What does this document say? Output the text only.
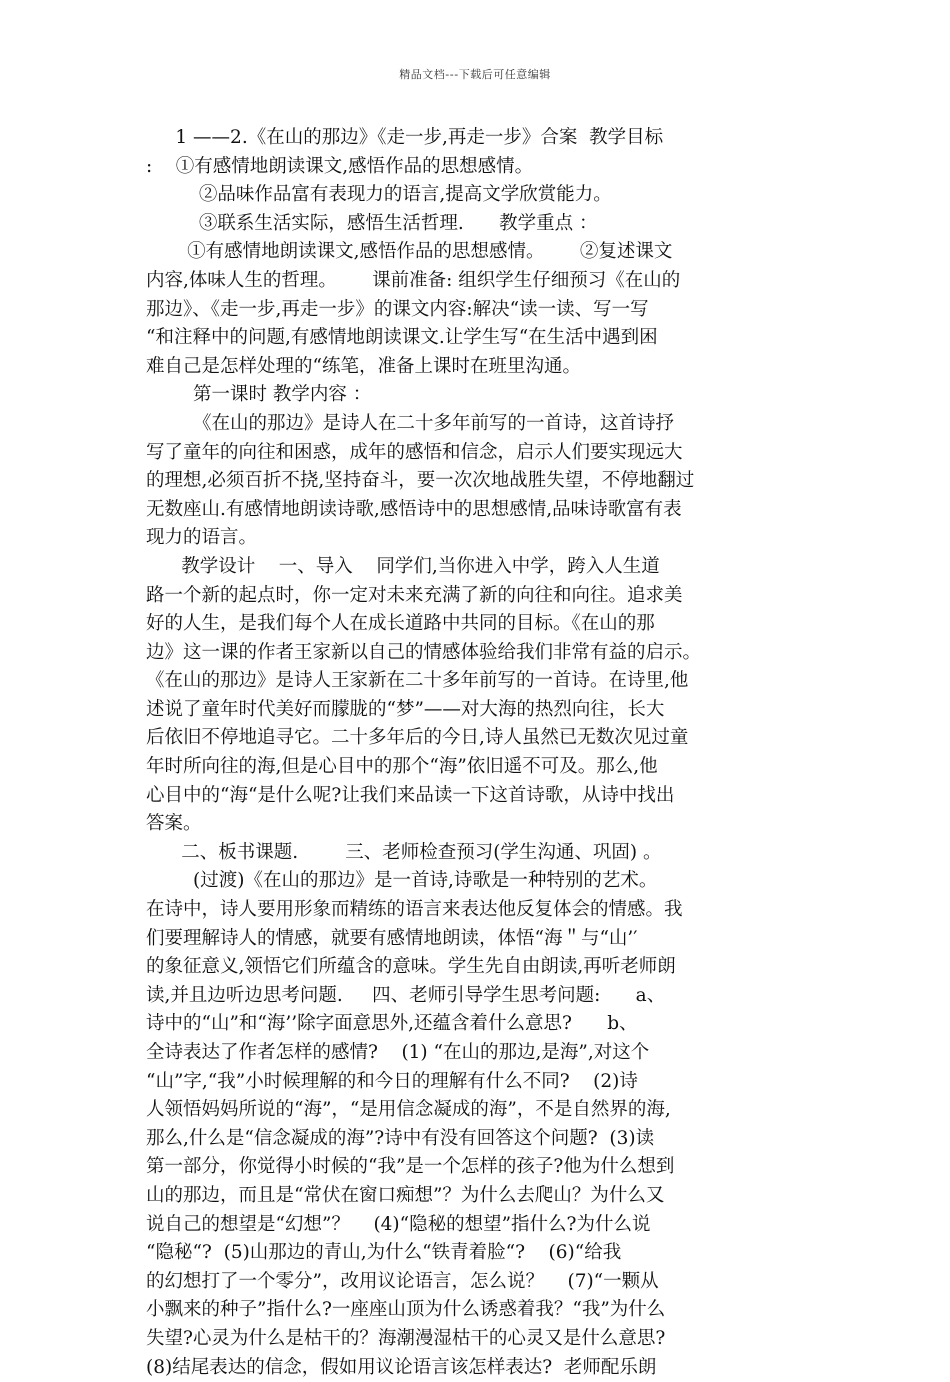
精品文档---下载后可任意编辑
1 ——2.《在山的那边》《走一步,再走一步》合案  教学目标
:    ①有感情地朗读课文,感悟作品的思想感情。
②品味作品富有表现力的语言,提高文学欣赏能力。
③联系生活实际，感悟生活哲理.      教学重点 ：
①有感情地朗读课文,感悟作品的思想感情。      ②复述课文
内容,体味人生的哲理。      课前准备: 组织学生仔细预习《在山的
那边》、《走一步,再走一步》的课文内容:解决“读一读、写一写
“和注释中的问题,有感情地朗读课文.让学生写“在生活中遇到困
难自己是怎样处理的“练笔，准备上课时在班里沟通。
第一课时 教学内容 ：
《在山的那边》是诗人在二十多年前写的一首诗，这首诗抒
写了童年的向往和困惑，成年的感悟和信念，启示人们要实现远大
的理想,必须百折不挠,坚持奋斗，要一次次地战胜失望，不停地翻过
无数座山.有感情地朗读诗歌,感悟诗中的思想感情,品味诗歌富有表
现力的语言。
教学设计    一、导入    同学们,当你进入中学，跨入人生道
路一个新的起点时，你一定对未来充满了新的向往和向往。追求美
好的人生，是我们每个人在成长道路中共同的目标。《在山的那
边》这一课的作者王家新以自己的情感体验给我们非常有益的启示。
《在山的那边》是诗人王家新在二十多年前写的一首诗。在诗里,他
述说了童年时代美好而朦胧的“梦”——对大海的热烈向往，长大
后依旧不停地追寻它。二十多年后的今日,诗人虽然已无数次见过童
年时所向往的海,但是心目中的那个“海”依旧遥不可及。那么,他
心目中的“海“是什么呢?让我们来品读一下这首诗歌，从诗中找出
答案。
二、板书课题.        三、老师检查预习(学生沟通、巩固) 。
(过渡)《在山的那边》是一首诗,诗歌是一种特别的艺术。
在诗中，诗人要用形象而精练的语言来表达他反复体会的情感。我
们要理解诗人的情感，就要有感情地朗读，体悟“海＂与“山’′
的象征意义,领悟它们所蕴含的意味。学生先自由朗读,再听老师朗
读,并且边听边思考问题.     四、老师引导学生思考问题:      a、
诗中的“山”和“海’’除字面意思外,还蕴含着什么意思?      b、
全诗表达了作者怎样的感情?    (1) “在山的那边,是海”,对这个
“山”字,“我”小时候理解的和今日的理解有什么不同?    (2)诗
人领悟妈妈所说的“海”，“是用信念凝成的海”，不是自然界的海,
那么,什么是“信念凝成的海”?诗中有没有回答这个问题?  (3)读
第一部分，你觉得小时候的“我”是一个怎样的孩子?他为什么想到
山的那边，而且是“常伏在窗口痴想”？为什么去爬山？为什么又
说自己的想望是“幻想”？    (4)“隐秘的想望”指什么?为什么说
“隐秘“?  (5)山那边的青山,为什么“铁青着脸“?    (6)“给我
的幻想打了一个零分”，改用议论语言，怎么说？    (7)“一颗从
小飘来的种子”指什么?一座座山顶为什么诱惑着我？“我”为什么
失望?心灵为什么是枯干的？海潮漫湿枯干的心灵又是什么意思?
(8)结尾表达的信念，假如用议论语言该怎样表达?  老师配乐朗
